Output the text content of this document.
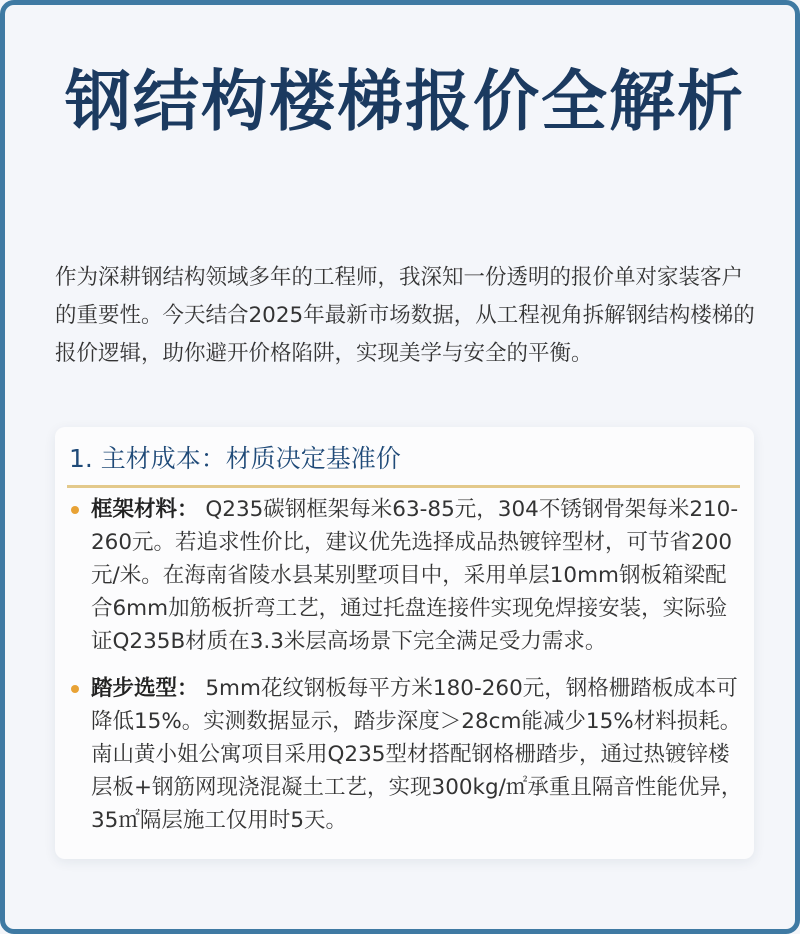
钢结构楼梯报价全解析

作为深耕钢结构领域多年的工程师，我深知一份透明的报价单对家装客户的重要性。今天结合2025年最新市场数据，从工程视角拆解钢结构楼梯的报价逻辑，助你避开价格陷阱，实现美学与安全的平衡。

1. 主材成本：材质决定基准价
框架材料： Q235碳钢框架每米63-85元，304不锈钢骨架每米210-260元。若追求性价比，建议优先选择成品热镀锌型材，可节省200元/米。在海南省陵水县某别墅项目中，采用单层10mm钢板箱梁配合6mm加筋板折弯工艺，通过托盘连接件实现免焊接安装，实际验证Q235B材质在3.3米层高场景下完全满足受力需求。
踏步选型： 5mm花纹钢板每平方米180-260元，钢格栅踏板成本可降低15%。实测数据显示，踏步深度＞28cm能减少15%材料损耗。南山黄小姐公寓项目采用Q235型材搭配钢格栅踏步，通过热镀锌楼层板+钢筋网现浇混凝土工艺，实现300kg/㎡承重且隔音性能优异，35㎡隔层施工仅用时5天。
